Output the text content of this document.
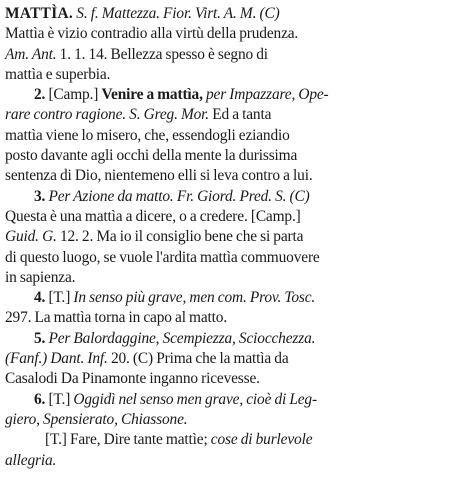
MATTÌA. S. f. Mattezza. Fior. Virt. A. M. (C)
Mattìa è vizio contradio alla virtù della prudenza.
Am. Ant. 1. 1. 14. Bellezza spesso è segno di
mattìa e superbia.
2. [Camp.] Venire a mattìa, per Impazzare, Ope-
rare contro ragione. S. Greg. Mor. Ed a tanta
mattìa viene lo misero, che, essendogli eziandio
posto davante agli occhi della mente la durissima
sentenza di Dio, nientemeno elli si leva contro a lui.
3. Per Azione da matto. Fr. Giord. Pred. S. (C)
Questa è una mattìa a dicere, o a credere. [Camp.]
Guid. G. 12. 2. Ma io il consiglio bene che si parta
di questo luogo, se vuole l'ardita mattìa commuovere
in sapienza.
4. [T.] In senso più grave, men com. Prov. Tosc.
297. La mattìa torna in capo al matto.
5. Per Balordaggine, Scempiezza, Sciocchezza.
(Fanf.) Dant. Inf. 20. (C) Prima che la mattìa da
Casalodi Da Pinamonte inganno ricevesse.
6. [T.] Oggidì nel senso men grave, cioè di Leg-
giero, Spensierato, Chiassone.
[T.] Fare, Dire tante mattìe; cose di burlevole
allegria.
